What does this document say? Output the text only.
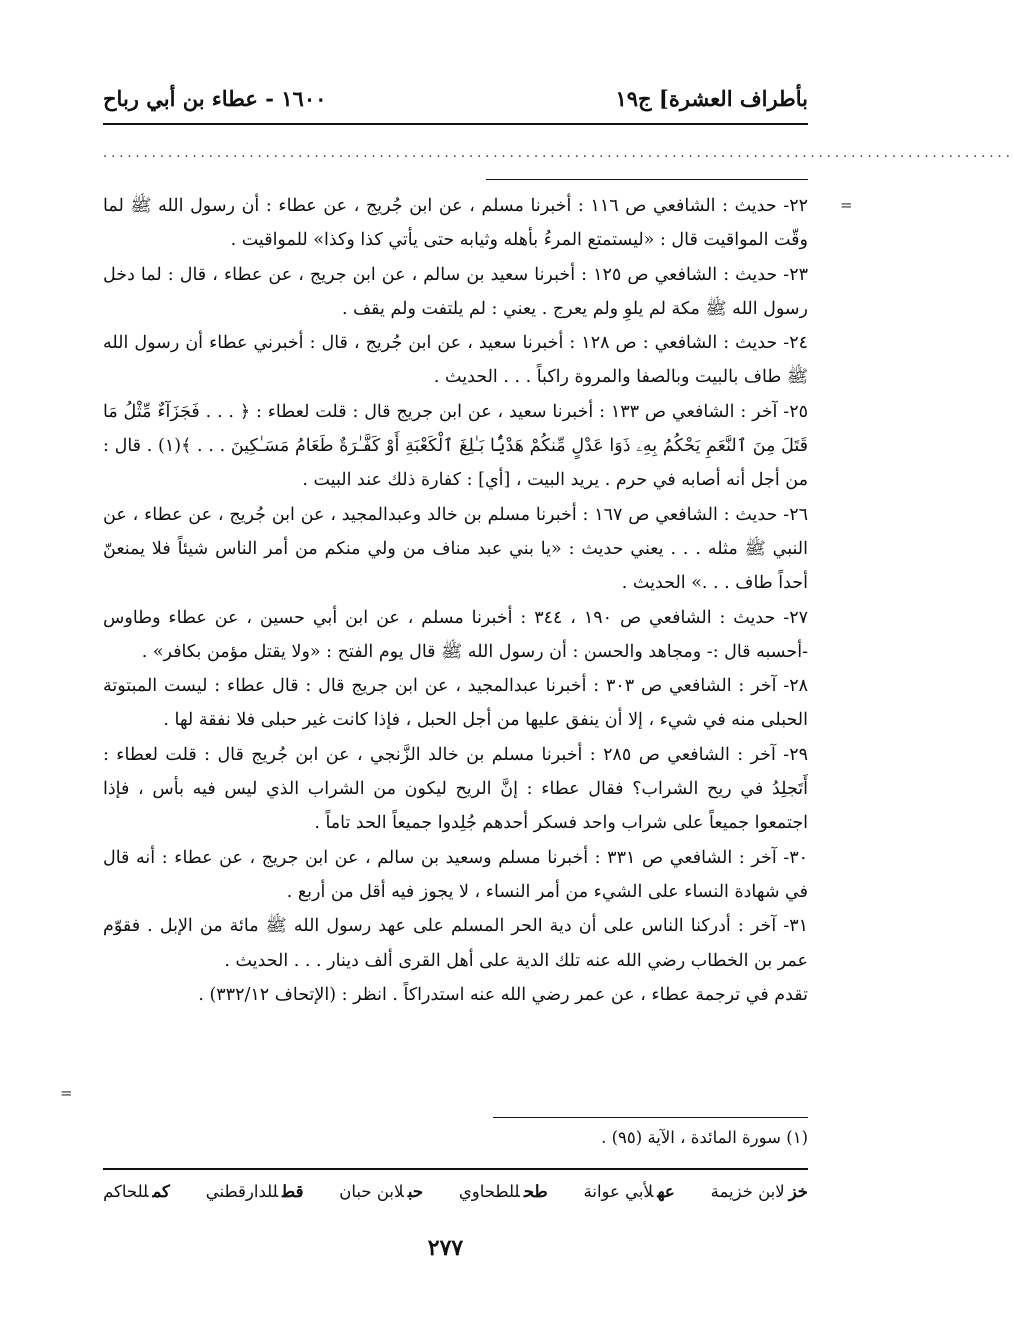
بأطراف العشرة] ج١٩
١٦٠٠ - عطاء بن أبي رباح
................................................................................................................
=
=

٢٢- حديث : الشافعي ص ١١٦ : أخبرنا مسلم ، عن ابن جُريج ، عن عطاء : أن رسول الله ﷺ لما وقّت المواقيت قال : «ليستمتع المرءُ بأهله وثيابه حتى يأتي كذا وكذا» للمواقيت .

٢٣- حديث : الشافعي ص ١٢٥ : أخبرنا سعيد بن سالم ، عن ابن جريج ، عن عطاء ، قال : لما دخل رسول الله ﷺ مكة لم يلوِ ولم يعرج . يعني : لم يلتفت ولم يقف .

٢٤- حديث : الشافعي : ص ١٢٨ : أخبرنا سعيد ، عن ابن جُريج ، قال : أخبرني عطاء أن رسول الله ﷺ طاف بالبيت وبالصفا والمروة راكباً . . . الحديث .

٢٥- آخر : الشافعي ص ١٣٣ : أخبرنا سعيد ، عن ابن جريج قال : قلت لعطاء : ﴿ . . . فَجَزَآءٌ مِّثْلُ مَا قَتَلَ مِنَ ٱلنَّعَمِ يَحْكُمُ بِهِۦ ذَوَا عَدْلٍ مِّنكُمْ هَدْيًۢا بَـٰلِغَ ٱلْكَعْبَةِ أَوْ كَفَّـٰرَةٌ طَعَامُ مَسَـٰكِينَ . . . ﴾(١) . قال : من أجل أنه أصابه في حرم . يريد البيت ، [أي] : كفارة ذلك عند البيت .

٢٦- حديث : الشافعي ص ١٦٧ : أخبرنا مسلم بن خالد وعبدالمجيد ، عن ابن جُريج ، عن عطاء ، عن النبي ﷺ مثله . . . يعني حديث : «يا بني عبد مناف من ولي منكم من أمر الناس شيئاً فلا يمنعنّ أحداً طاف . . .» الحديث .

٢٧- حديث : الشافعي ص ١٩٠ ، ٣٤٤ : أخبرنا مسلم ، عن ابن أبي حسين ، عن عطاء وطاوس -أحسبه قال :- ومجاهد والحسن : أن رسول الله ﷺ قال يوم الفتح : «ولا يقتل مؤمن بكافر» .

٢٨- آخر : الشافعي ص ٣٠٣ : أخبرنا عبدالمجيد ، عن ابن جريج قال : قال عطاء : ليست المبتوتة الحبلى منه في شيء ، إلا أن ينفق عليها من أجل الحبل ، فإذا كانت غير حبلى فلا نفقة لها .

٢٩- آخر : الشافعي ص ٢٨٥ : أخبرنا مسلم بن خالد الزَّنجي ، عن ابن جُريج قال : قلت لعطاء : أَتَجلِدُ في ريح الشراب؟ فقال عطاء : إنَّ الريح ليكون من الشراب الذي ليس فيه بأس ، فإذا اجتمعوا جميعاً على شراب واحد فسكر أحدهم جُلِدوا جميعاً الحد تاماً .

٣٠- آخر : الشافعي ص ٣٣١ : أخبرنا مسلم وسعيد بن سالم ، عن ابن جريج ، عن عطاء : أنه قال في شهادة النساء على الشيء من أمر النساء ، لا يجوز فيه أقل من أربع .

٣١- آخر : أدركنا الناس على أن دية الحر المسلم على عهد رسول الله ﷺ مائة من الإبل . فقوّم عمر بن الخطاب رضي الله عنه تلك الدية على أهل القرى ألف دينار . . . الحديث .

تقدم في ترجمة عطاء ، عن عمر رضي الله عنه استدراكاً . انظر : (الإتحاف ٣٣٢/١٢) .

(١) سورة المائدة ، الآية (٩٥) .
خزلابن خزيمة
عهلأبي عوانة
طحللطحاوي
حبلابن حبان
قطللدارقطني
كمللحاكم
٢٧٧
